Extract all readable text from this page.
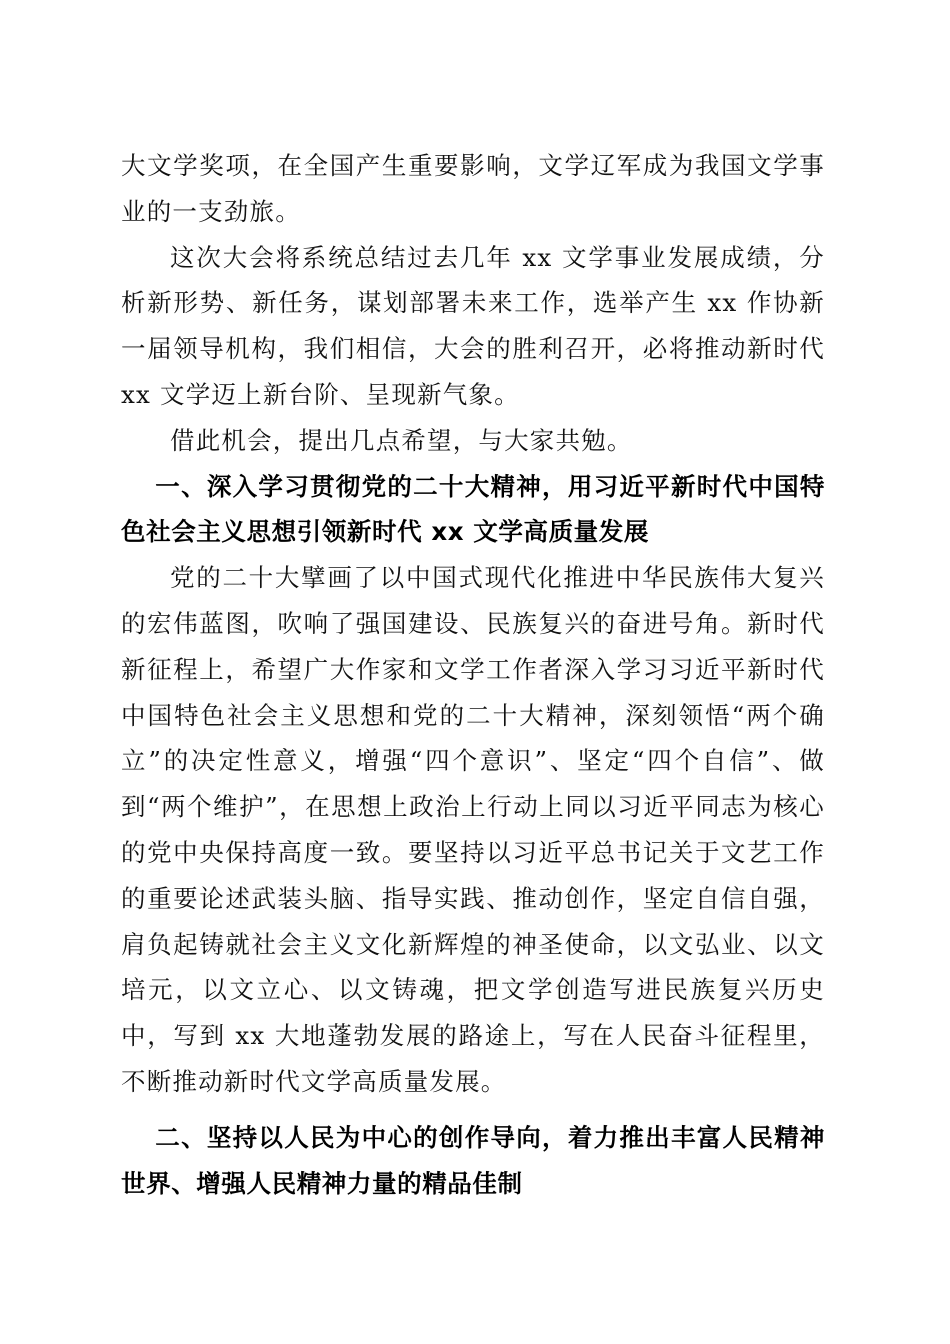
大文学奖项，在全国产生重要影响，文学辽军成为我国文学事业的一支劲旅。

这次大会将系统总结过去几年 xx 文学事业发展成绩，分析新形势、新任务，谋划部署未来工作，选举产生 xx 作协新一届领导机构，我们相信，大会的胜利召开，必将推动新时代 xx 文学迈上新台阶、呈现新气象。

借此机会，提出几点希望，与大家共勉。

一、深入学习贯彻党的二十大精神，用习近平新时代中国特色社会主义思想引领新时代 xx 文学高质量发展

党的二十大擘画了以中国式现代化推进中华民族伟大复兴的宏伟蓝图，吹响了强国建设、民族复兴的奋进号角。新时代新征程上，希望广大作家和文学工作者深入学习习近平新时代中国特色社会主义思想和党的二十大精神，深刻领悟“两个确立”的决定性意义，增强“四个意识”、坚定“四个自信”、做到“两个维护”，在思想上政治上行动上同以习近平同志为核心的党中央保持高度一致。要坚持以习近平总书记关于文艺工作的重要论述武装头脑、指导实践、推动创作，坚定自信自强，肩负起铸就社会主义文化新辉煌的神圣使命，以文弘业、以文培元，以文立心、以文铸魂，把文学创造写进民族复兴历史中，写到 xx 大地蓬勃发展的路途上，写在人民奋斗征程里，不断推动新时代文学高质量发展。

二、坚持以人民为中心的创作导向，着力推出丰富人民精神世界、增强人民精神力量的精品佳制
